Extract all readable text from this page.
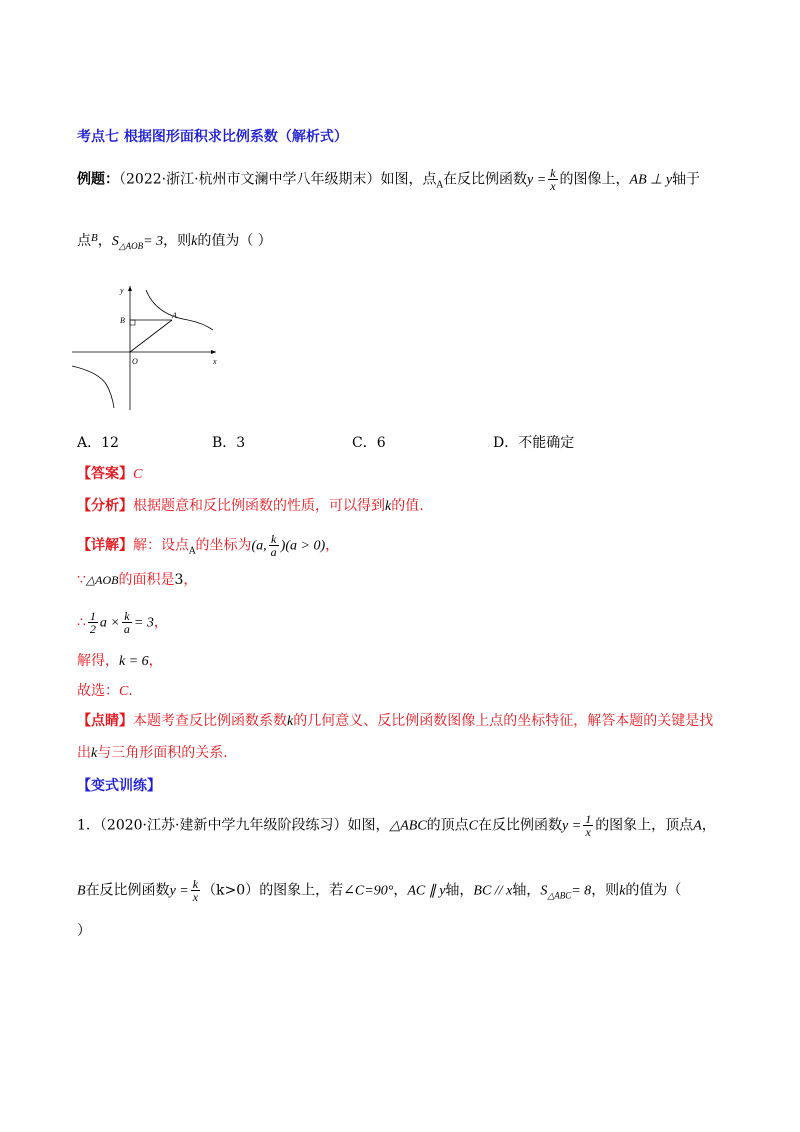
考点七 根据图形面积求比例系数（解析式）
例题：（2022·浙江·杭州市文澜中学八年级期末）如图，点$_A$在反比例函数$y = \frac{k}{x}$ 的图像上，AB ⊥ y轴于
点$^B$，$S_{\triangle AOB}= 3$，则k的值为（ ）
y
x
B
A
O
A．12	B．3	C．6	D．不能确定
【答案】C
【分析】根据题意和反比例函数的性质，可以得到k的值.
【详解】解：设点$_A$的坐标为(a, $\frac{k}{a} )(a > 0)$，
∵△AOB的面积是3，
∴ $\frac{1}{2}$ $a \times \frac{k}{a} = 3$，
解得，k = 6，
故选：C.
【点睛】本题考查反比例函数系数k的几何意义、反比例函数图像上点的坐标特征，解答本题的关键是找
出k与三角形面积的关系.
【变式训练】
1．（2020·江苏·建新中学九年级阶段练习）如图，△ABC的顶点C在反比例函数$y = \frac{1}{x}$ 的图象上，顶点A，
B在反比例函数$y = \frac{k}{x} (k>0)$的图象上，若∠C=90°，AC ∥ y轴，BC // x轴，$S_{\triangle ABC}= 8$，则k的值为（
）
